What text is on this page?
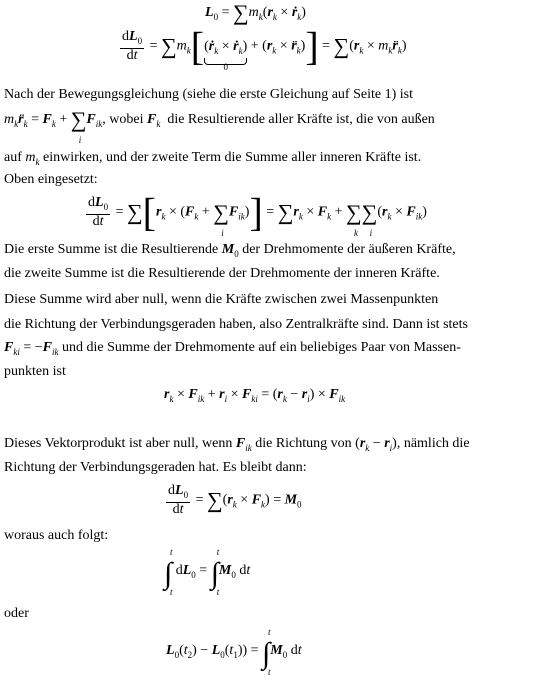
$L_0 = \sum m_k(r_k$ × ṙ$_k$)
$\frac{dL_0}{dt}$ = $\sum m_k[(ṙ_k$ × ṙ$_k$)
0
+ ($r_k$ × $r̈_k)] = \sum(r_k$ × $m_kr̈_k$)
Nach der Bewegungsgleichung (siehe die erste Gleichung auf Seite 1) ist
$m_kr̈_k = F_k$ + ∑
i
$F_{ik}$, wobei $F_k$ die Resultierende aller Kräfte ist, die von außen
auf $m_k$ einwirken, und der zweite Term die Summe aller inneren Kräfte ist.
Oben eingesetzt:
$\frac{dL_0}{dt} = \sum[r_k \times (F_k$ + ∑
i
$F_{ik})] = \sum r_k \times F_k$ + ∑
k
∑
i
$(r_k \times F_{ik})$
Die erste Summe ist die Resultierende $M_0$ der Drehmomente der äußeren Kräfte,
die zweite Summe ist die Resultierende der Drehmomente der inneren Kräfte.
Diese Summe wird aber null, wenn die Kräfte zwischen zwei Massenpunkten
die Richtung der Verbindungsgeraden haben, also Zentralkräfte sind. Dann ist stets
$F_{ki} = -F_{ik}$ und die Summe der Drehmomente auf ein beliebiges Paar von Massen-
punkten ist
$r_k \times F_{ik} + r_i \times F_{ki} = (r_k - r_i) \times F_{ik}$
Dieses Vektorprodukt ist aber null, wenn $F_{ik}$ die Richtung von $(r_k - r_i)$, nämlich die
Richtung der Verbindungsgeraden hat. Es bleibt dann:
$\frac{dL_0}{dt} = \sum(r_k \times F_k) = M_0$
woraus auch folgt:
∫
t
t
$dL_0$ = ∫
t
t
$M_0$ dt
oder
$L_0(t_2) - L_0(t_1)$) = ∫
t
t
$M_0$ dt
